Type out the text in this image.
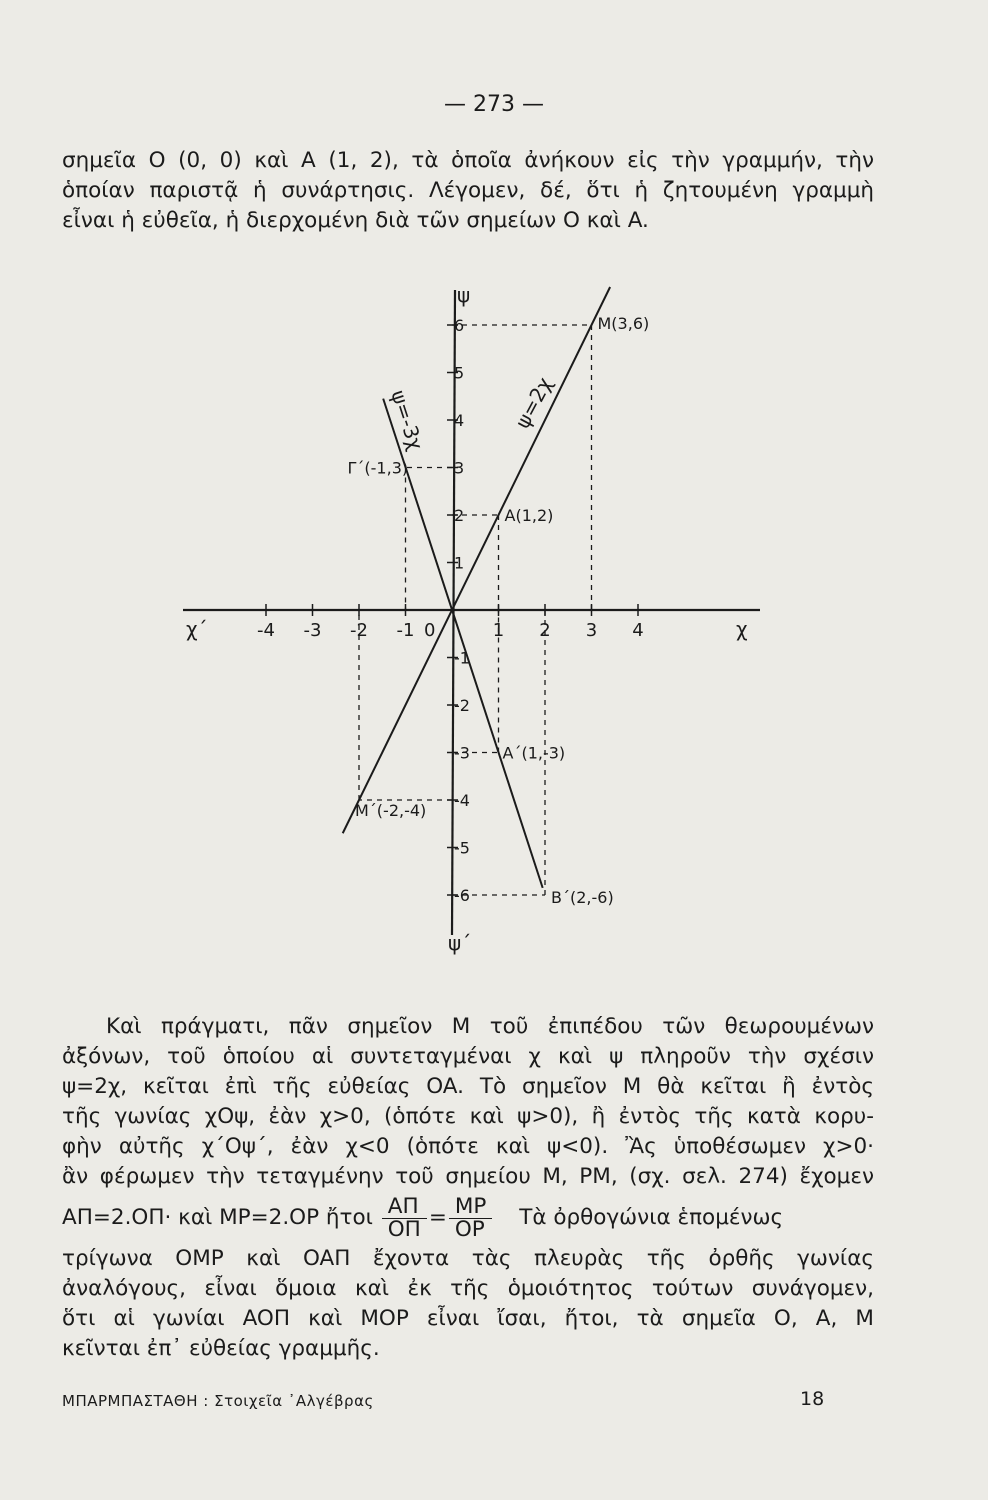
— 273 —

σημεῖα O (0, 0) καὶ A (1, 2), τὰ ὁποῖα ἀνήκουν εἰς τὴν γραμμήν, τὴν
ὁποίαν παριστᾷ ἡ συνάρτησις. Λέγομεν, δέ, ὅτι ἡ ζητουμένη γραμμὴ
εἶναι ἡ εὐθεῖα, ἡ διερχομένη διὰ τῶν σημείων O καὶ A.

-4 -3 -2 -1	1 2 3 4
6
5
4
3
2
1
-1
-2
-3
-4
-5
-6
0	χ
χ΄
ψ
ψ΄
ψ=2χ
ψ=-3χ
M(3,6)
A(1,2)
Γ΄(-1,3)
A΄(1,-3)
M΄(-2,-4)
B΄(2,-6)

Καὶ πράγματι, πᾶν σημεῖον M τοῦ ἐπιπέδου τῶν θεωρουμένων
ἀξόνων, τοῦ ὁποίου αἱ συντεταγμέναι χ καὶ ψ πληροῦν τὴν σχέσιν
ψ=2χ, κεῖται ἐπὶ τῆς εὐθείας OA. Τὸ σημεῖον M θὰ κεῖται ἢ ἐντὸς
τῆς γωνίας χOψ, ἐὰν χ>0, (ὁπότε καὶ ψ>0), ἢ ἐντὸς τῆς κατὰ κορυ-
φὴν αὐτῆς χ΄Oψ΄, ἐὰν χ<0 (ὁπότε καὶ ψ<0). Ἂς ὑποθέσωμεν χ>0·
ἂν φέρωμεν τὴν τεταγμένην τοῦ σημείου M, PM, (σχ. σελ. 274) ἔχομεν
AΠ=2.OΠ· καὶ MP=2.OP ἤτοι $\frac{A\Pi}{O\Pi} = \frac{MP}{OP}$ Τὰ ὀρθογώνια ἑπομένως
τρίγωνα OMP καὶ OAΠ ἔχοντα τὰς πλευρὰς τῆς ὀρθῆς γωνίας
ἀναλόγους, εἶναι ὅμοια καὶ ἐκ τῆς ὁμοιότητος τούτων συνάγομεν,
ὅτι αἱ γωνίαι AOΠ καὶ MOP εἶναι ἴσαι, ἤτοι, τὰ σημεῖα O, A, M
κεῖνται ἐπ᾿ εὐθείας γραμμῆς.

ΜΠΑΡΜΠΑΣΤΑΘΗ : Στοιχεῖα ᾿Αλγέβρας	18
